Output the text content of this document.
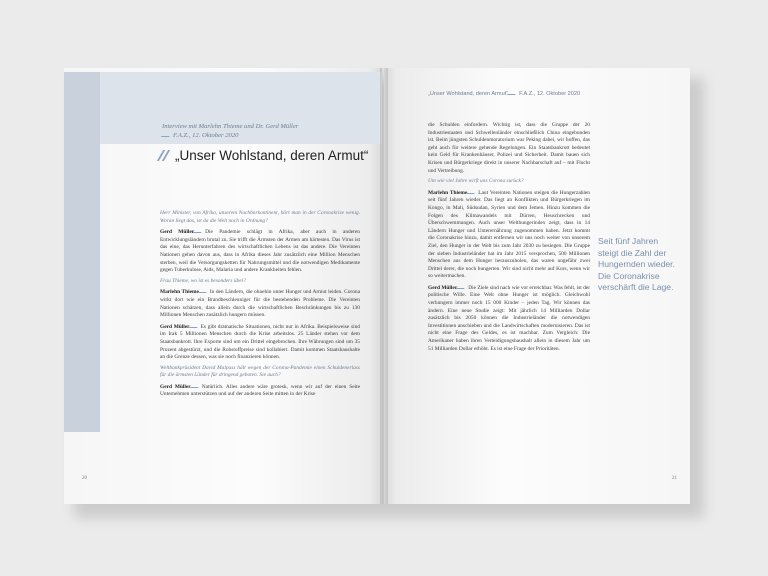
Interview mit Marlehn Thieme und Dr. Gerd Müller
F.A.Z., 12. Oktober 2020
„Unser Wohlstand, deren Armut“

Herr Minister, von Afrika, unserem Nachbarkontinent, hört man in der Coronakrise wenig. Woran liegt das, ist da die Welt noch in Ordnung?

Gerd Müller Die Pandemie schlägt in Afrika, aber auch in anderen Entwicklungsländern brutal zu. Sie trifft die Ärmsten der Armen am härtesten. Das Virus ist das eine, das Herunterfahren des wirtschaftlichen Lebens ist das andere. Die Vereinten Nationen gehen davon aus, dass in Afrika dieses Jahr zusätzlich eine Million Menschen sterben, weil die Versorgungsketten für Nahrungsmittel und die notwendigen Medikamente gegen Tuberkulose, Aids, Malaria und andere Krankheiten fehlen.

Frau Thieme, wo ist es besonders übel?

Marlehn Thieme In den Ländern, die ohnehin unter Hunger und Armut leiden. Corona wirkt dort wie ein Brandbeschleuniger für die bestehenden Probleme. Die Vereinten Nationen schätzen, dass allein durch die wirtschaftlichen Beschränkungen bis zu 130 Millionen Menschen zusätzlich hungern müssen.

Gerd Müller Es gibt dramatische Situationen, nicht nur in Afrika. Beispielsweise sind im Irak 5 Millionen Menschen durch die Krise arbeitslos. 25 Länder stehen vor dem Staatsbankrott. Ihre Exporte sind um ein Drittel eingebrochen. Ihre Währungen sind um 35 Prozent abgestürzt, und die Rohstoffpreise sind kollabiert. Damit kommen Staatshaushalte an die Grenze dessen, was sie noch finanzieren können.

Weltbankpräsident David Malpass hält wegen der Corona-Pandemie einen Schuldenerlass für die ärmsten Länder für dringend geboten. Sie auch?

Gerd Müller Natürlich. Alles andere wäre grotesk, wenn wir auf der einen Seite Unternehmen unterstützen und auf der anderen Seite mitten in der Krise

20
„Unser Wohlstand, deren Armut“ F.A.Z., 12. Oktober 2020

die Schulden einfordern. Wichtig ist, dass die Gruppe der 20 Industriestaaten und Schwellenländer einschließlich China eingebunden ist. Beim jüngsten Schuldenmoratorium war Peking dabei, wir hoffen, das geht auch für weitere gehende Regelungen. Ein Staatsbankrott bedeutet kein Geld für Krankenhäuser, Polizei und Sicherheit. Damit bauen sich Krisen und Bürgerkriege direkt in unserer Nachbarschaft auf – mit Flucht und Vertreibung.

Um wie viel Jahre wirft uns Corona zurück?

Marlehn Thieme Laut Vereinten Nationen steigen die Hungerzahlen seit fünf Jahren wieder. Das liegt an Konflikten und Bürgerkriegen im Kongo, in Mali, Südsudan, Syrien und dem Jemen. Hinzu kommen die Folgen des Klimawandels mit Dürren, Heuschrecken und Überschwemmungen. Auch unser Welthungerindex zeigt, dass in 14 Ländern Hunger und Unterernährung zugenommen haben. Jetzt kommt die Coronakrise hinzu, damit entfernen wir uns noch weiter von unserem Ziel, den Hunger in der Welt bis zum Jahr 2030 zu besiegen. Die Gruppe der sieben Industrieländer hat im Jahr 2015 versprochen, 500 Millionen Menschen aus dem Hunger herauszuholen, das waren ungefähr zwei Drittel derer, die noch hungerten. Wir sind nicht mehr auf Kurs, wenn wir so weitermachen.

Gerd Müller Die Ziele sind nach wie vor erreichbar. Was fehlt, ist der politische Wille. Eine Welt ohne Hunger ist möglich. Gleichwohl verhungern immer noch 15 000 Kinder – jeden Tag. Wir können das ändern. Eine neue Studie zeigt: Mit jährlich 14 Milliarden Dollar zusätzlich bis 2050 können die Industrieländer die notwendigen Investitionen anschieben und die Landwirtschaften modernisieren. Das ist nicht eine Frage des Geldes, es ist machbar. Zum Vergleich: Die Amerikaner haben ihren Verteidigungshaushalt allein in diesem Jahr um 51 Milliarden Dollar erhöht. Es ist eine Frage der Prioritäten.

Seit fünf Jahren steigt die Zahl der Hungernden wieder. Die Coronakrise verschärft die Lage.
21
